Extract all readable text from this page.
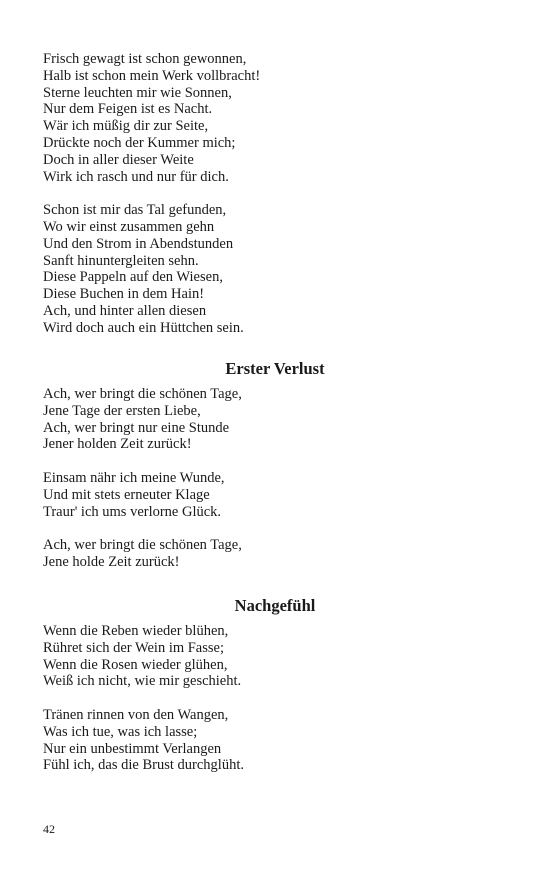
Frisch gewagt ist schon gewonnen,
Halb ist schon mein Werk vollbracht!
Sterne leuchten mir wie Sonnen,
Nur dem Feigen ist es Nacht.
Wär ich müßig dir zur Seite,
Drückte noch der Kummer mich;
Doch in aller dieser Weite
Wirk ich rasch und nur für dich.
Schon ist mir das Tal gefunden,
Wo wir einst zusammen gehn
Und den Strom in Abendstunden
Sanft hinuntergleiten sehn.
Diese Pappeln auf den Wiesen,
Diese Buchen in dem Hain!
Ach, und hinter allen diesen
Wird doch auch ein Hüttchen sein.
Erster Verlust
Ach, wer bringt die schönen Tage,
Jene Tage der ersten Liebe,
Ach, wer bringt nur eine Stunde
Jener holden Zeit zurück!
Einsam nähr ich meine Wunde,
Und mit stets erneuter Klage
Traur' ich ums verlorne Glück.
Ach, wer bringt die schönen Tage,
Jene holde Zeit zurück!
Nachgefühl
Wenn die Reben wieder blühen,
Rühret sich der Wein im Fasse;
Wenn die Rosen wieder glühen,
Weiß ich nicht, wie mir geschieht.
Tränen rinnen von den Wangen,
Was ich tue, was ich lasse;
Nur ein unbestimmt Verlangen
Fühl ich, das die Brust durchglüht.
42
